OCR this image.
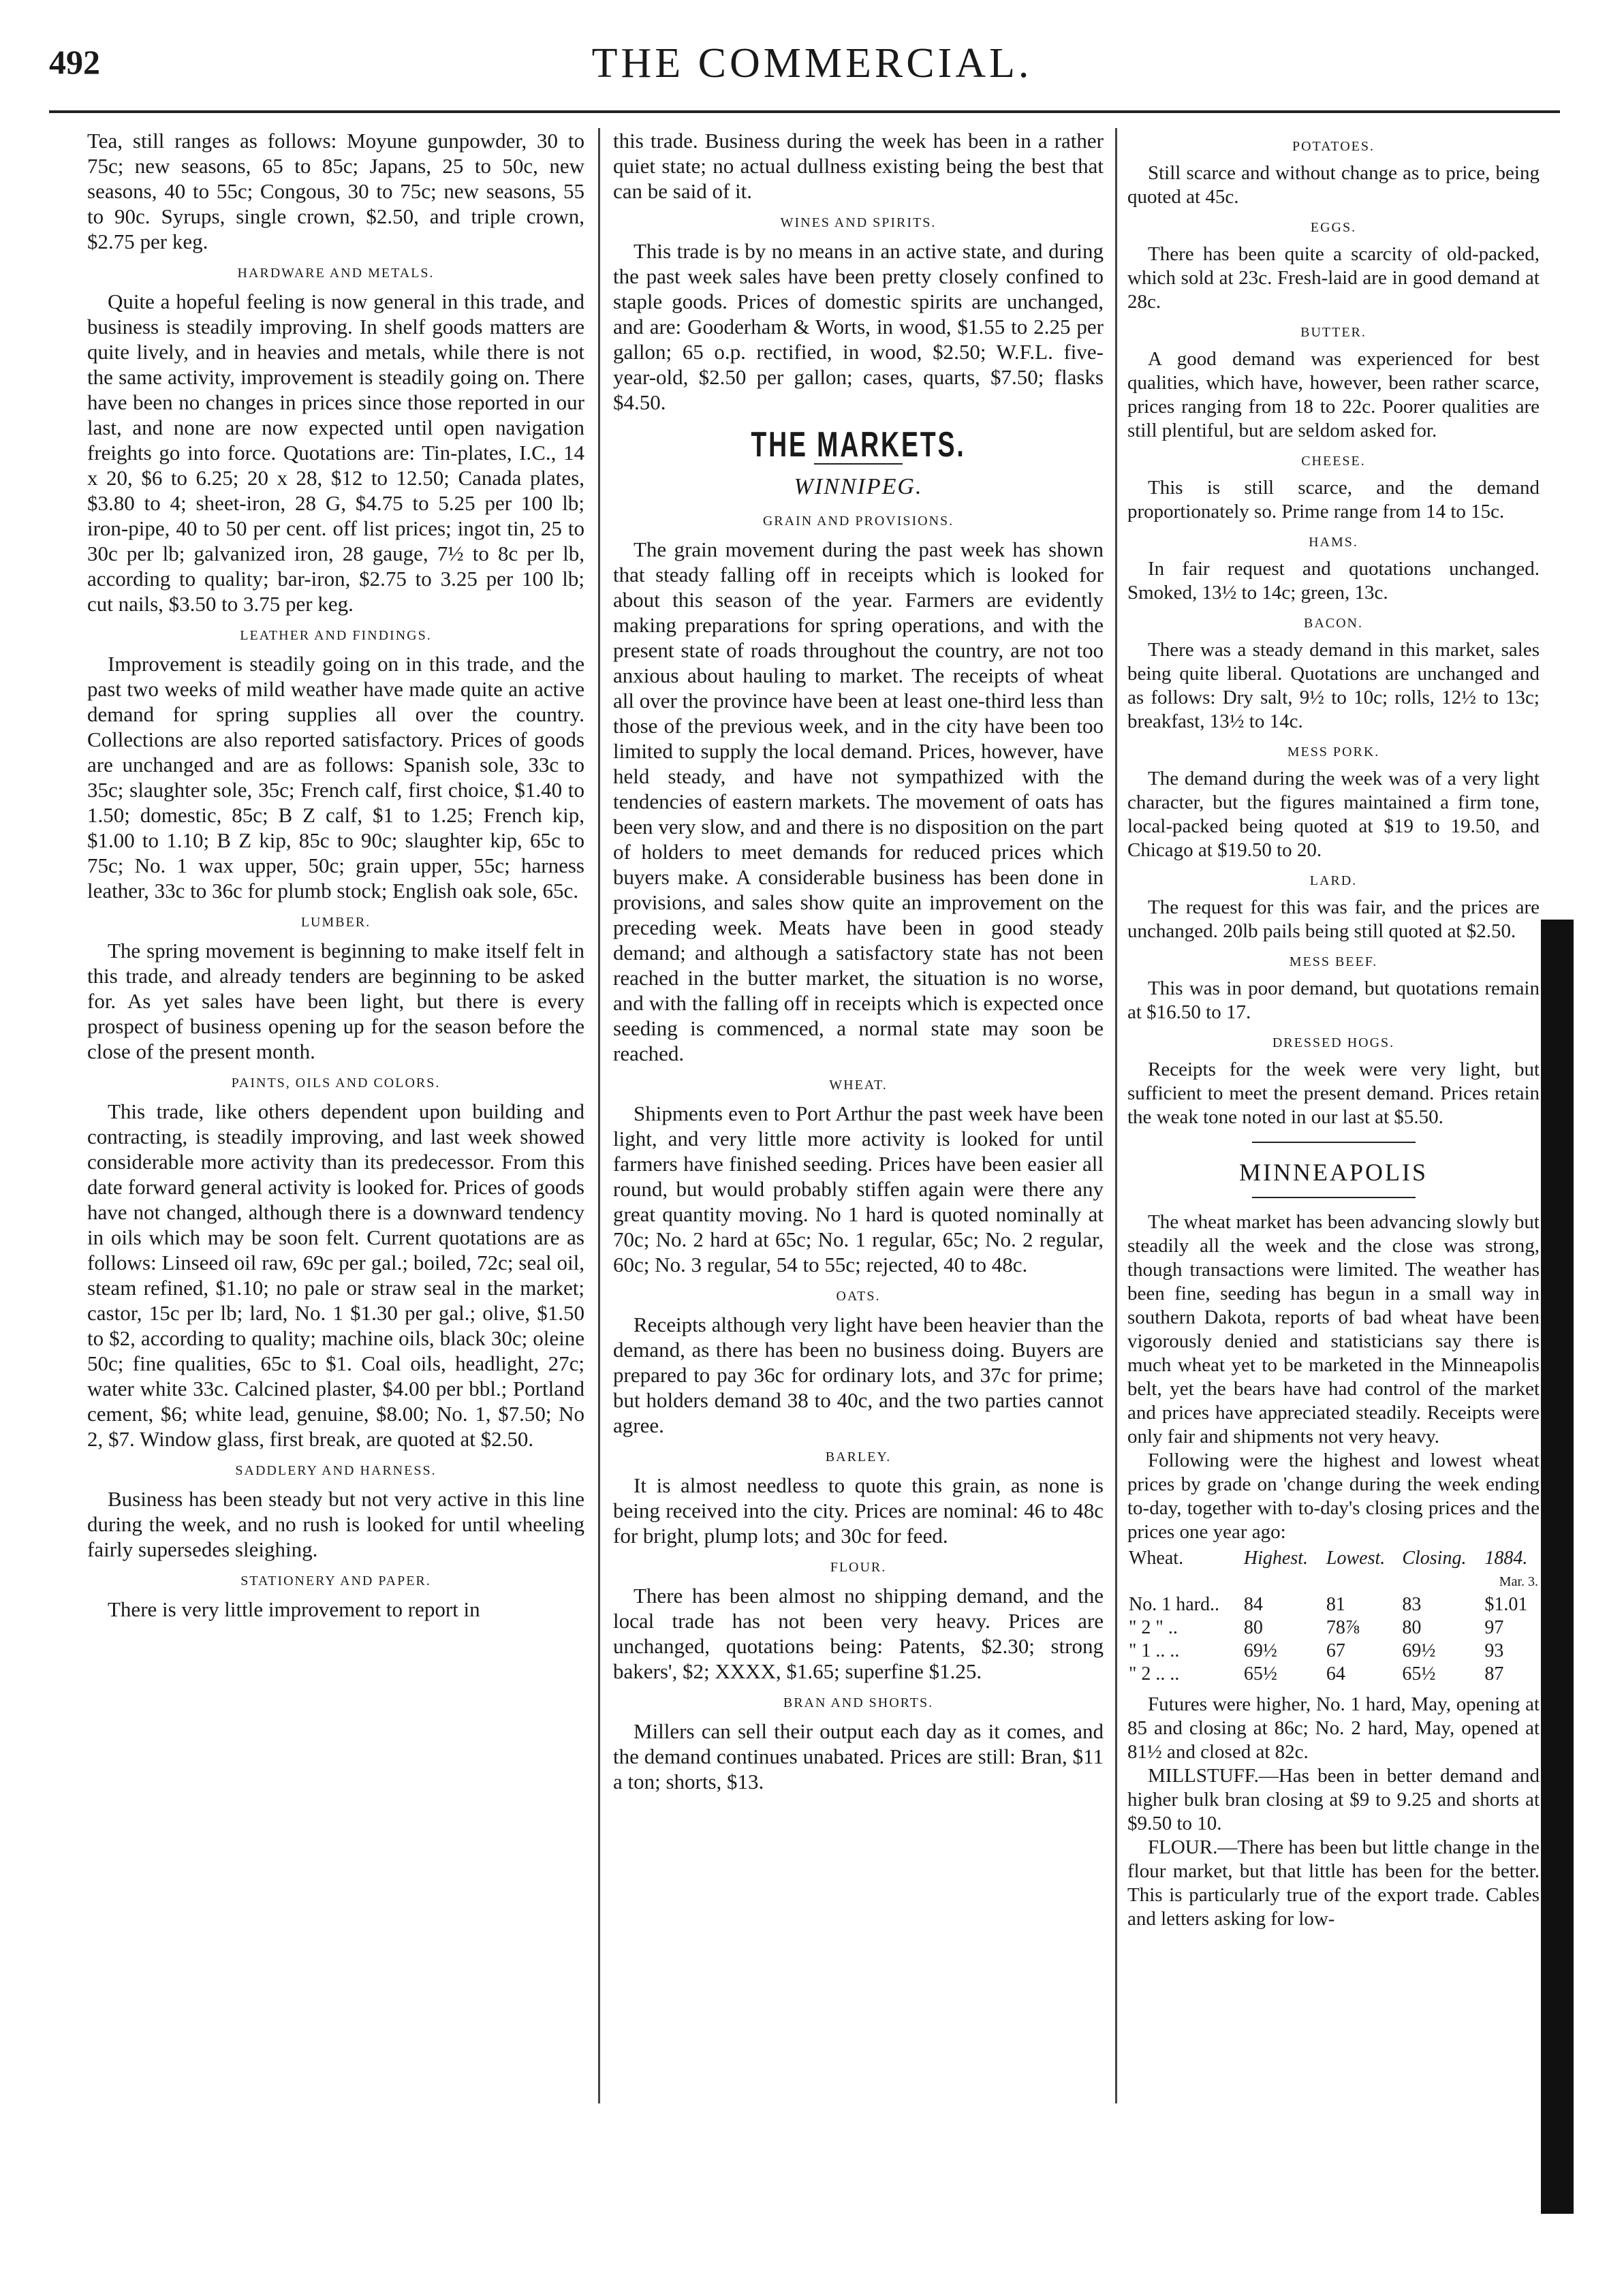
492	THE COMMERCIAL.

Tea, still ranges as follows: Moyune gunpowder, 30 to 75c; new seasons, 65 to 85c; Japans, 25 to 50c, new seasons, 40 to 55c; Congous, 30 to 75c; new seasons, 55 to 90c. Syrups, single crown, $2.50, and triple crown, $2.75 per keg.

HARDWARE AND METALS.

Quite a hopeful feeling is now general in this trade, and business is steadily improving. In shelf goods matters are quite lively, and in heavies and metals, while there is not the same activity, improvement is steadily going on. There have been no changes in prices since those reported in our last, and none are now expected until open navigation freights go into force. Quotations are: Tin-plates, I.C., 14 x 20, $6 to 6.25; 20 x 28, $12 to 12.50; Canada plates, $3.80 to 4; sheet-iron, 28 G, $4.75 to 5.25 per 100 lb; iron-pipe, 40 to 50 per cent. off list prices; ingot tin, 25 to 30c per lb; galvanized iron, 28 gauge, 7½ to 8c per lb, according to quality; bar-iron, $2.75 to 3.25 per 100 lb; cut nails, $3.50 to 3.75 per keg.

LEATHER AND FINDINGS.

Improvement is steadily going on in this trade, and the past two weeks of mild weather have made quite an active demand for spring supplies all over the country. Collections are also reported satisfactory. Prices of goods are unchanged and are as follows: Spanish sole, 33c to 35c; slaughter sole, 35c; French calf, first choice, $1.40 to 1.50; domestic, 85c; B Z calf, $1 to 1.25; French kip, $1.00 to 1.10; B Z kip, 85c to 90c; slaughter kip, 65c to 75c; No. 1 wax upper, 50c; grain upper, 55c; harness leather, 33c to 36c for plumb stock; English oak sole, 65c.

LUMBER.

The spring movement is beginning to make itself felt in this trade, and already tenders are beginning to be asked for. As yet sales have been light, but there is every prospect of business opening up for the season before the close of the present month.

PAINTS, OILS AND COLORS.

This trade, like others dependent upon building and contracting, is steadily improving, and last week showed considerable more activity than its predecessor. From this date forward general activity is looked for. Prices of goods have not changed, although there is a downward tendency in oils which may be soon felt. Current quotations are as follows: Linseed oil raw, 69c per gal.; boiled, 72c; seal oil, steam refined, $1.10; no pale or straw seal in the market; castor, 15c per lb; lard, No. 1 $1.30 per gal.; olive, $1.50 to $2, according to quality; machine oils, black 30c; oleine 50c; fine qualities, 65c to $1. Coal oils, headlight, 27c; water white 33c. Calcined plaster, $4.00 per bbl.; Portland cement, $6; white lead, genuine, $8.00; No. 1, $7.50; No 2, $7. Window glass, first break, are quoted at $2.50.

SADDLERY AND HARNESS.

Business has been steady but not very active in this line during the week, and no rush is looked for until wheeling fairly supersedes sleighing.

STATIONERY AND PAPER.

There is very little improvement to report in

this trade. Business during the week has been in a rather quiet state; no actual dullness existing being the best that can be said of it.

WINES AND SPIRITS.

This trade is by no means in an active state, and during the past week sales have been pretty closely confined to staple goods. Prices of domestic spirits are unchanged, and are: Gooderham & Worts, in wood, $1.55 to 2.25 per gallon; 65 o.p. rectified, in wood, $2.50; W.F.L. five-year-old, $2.50 per gallon; cases, quarts, $7.50; flasks $4.50.

THE MARKETS.
WINNIPEG.
GRAIN AND PROVISIONS.

The grain movement during the past week has shown that steady falling off in receipts which is looked for about this season of the year. Farmers are evidently making preparations for spring operations, and with the present state of roads throughout the country, are not too anxious about hauling to market. The receipts of wheat all over the province have been at least one-third less than those of the previous week, and in the city have been too limited to supply the local demand. Prices, however, have held steady, and have not sympathized with the tendencies of eastern markets. The movement of oats has been very slow, and and there is no disposition on the part of holders to meet demands for reduced prices which buyers make. A considerable business has been done in provisions, and sales show quite an improvement on the preceding week. Meats have been in good steady demand; and although a satisfactory state has not been reached in the butter market, the situation is no worse, and with the falling off in receipts which is expected once seeding is commenced, a normal state may soon be reached.

WHEAT.

Shipments even to Port Arthur the past week have been light, and very little more activity is looked for until farmers have finished seeding. Prices have been easier all round, but would probably stiffen again were there any great quantity moving. No 1 hard is quoted nominally at 70c; No. 2 hard at 65c; No. 1 regular, 65c; No. 2 regular, 60c; No. 3 regular, 54 to 55c; rejected, 40 to 48c.

OATS.

Receipts although very light have been heavier than the demand, as there has been no business doing. Buyers are prepared to pay 36c for ordinary lots, and 37c for prime; but holders demand 38 to 40c, and the two parties cannot agree.

BARLEY.

It is almost needless to quote this grain, as none is being received into the city. Prices are nominal: 46 to 48c for bright, plump lots; and 30c for feed.

FLOUR.

There has been almost no shipping demand, and the local trade has not been very heavy. Prices are unchanged, quotations being: Patents, $2.30; strong bakers', $2; XXXX, $1.65; superfine $1.25.

BRAN AND SHORTS.

Millers can sell their output each day as it comes, and the demand continues unabated. Prices are still: Bran, $11 a ton; shorts, $13.

POTATOES.

Still scarce and without change as to price, being quoted at 45c.

EGGS.

There has been quite a scarcity of old-packed, which sold at 23c. Fresh-laid are in good demand at 28c.

BUTTER.

A good demand was experienced for best qualities, which have, however, been rather scarce, prices ranging from 18 to 22c. Poorer qualities are still plentiful, but are seldom asked for.

CHEESE.

This is still scarce, and the demand proportionately so. Prime range from 14 to 15c.

HAMS.

In fair request and quotations unchanged. Smoked, 13½ to 14c; green, 13c.

BACON.

There was a steady demand in this market, sales being quite liberal. Quotations are unchanged and as follows: Dry salt, 9½ to 10c; rolls, 12½ to 13c; breakfast, 13½ to 14c.

MESS PORK.

The demand during the week was of a very light character, but the figures maintained a firm tone, local-packed being quoted at $19 to 19.50, and Chicago at $19.50 to 20.

LARD.

The request for this was fair, and the prices are unchanged. 20lb pails being still quoted at $2.50.

MESS BEEF.

This was in poor demand, but quotations remain at $16.50 to 17.

DRESSED HOGS.

Receipts for the week were very light, but sufficient to meet the present demand. Prices retain the weak tone noted in our last at $5.50.

MINNEAPOLIS

The wheat market has been advancing slowly but steadily all the week and the close was strong, though transactions were limited. The weather has been fine, seeding has begun in a small way in southern Dakota, reports of bad wheat have been vigorously denied and statisticians say there is much wheat yet to be marketed in the Minneapolis belt, yet the bears have had control of the market and prices have appreciated steadily. Receipts were only fair and shipments not very heavy.

Following were the highest and lowest wheat prices by grade on 'change during the week ending to-day, together with to-day's closing prices and the prices one year ago:

Wheat.	Highest.	Lowest.	Closing.	1884.
Mar. 3.				
No. 1 hard..	84	81	83	$1.01
" 2 " ..	80	78⅞	80	97
" 1 .. ..	69½	67	69½	93
" 2 .. ..	65½	64	65½	87

Futures were higher, No. 1 hard, May, opening at 85 and closing at 86c; No. 2 hard, May, opened at 81½ and closed at 82c.

MILLSTUFF.—Has been in better demand and higher bulk bran closing at $9 to 9.25 and shorts at $9.50 to 10.

FLOUR.—There has been but little change in the flour market, but that little has been for the better. This is particularly true of the export trade. Cables and letters asking for low-
